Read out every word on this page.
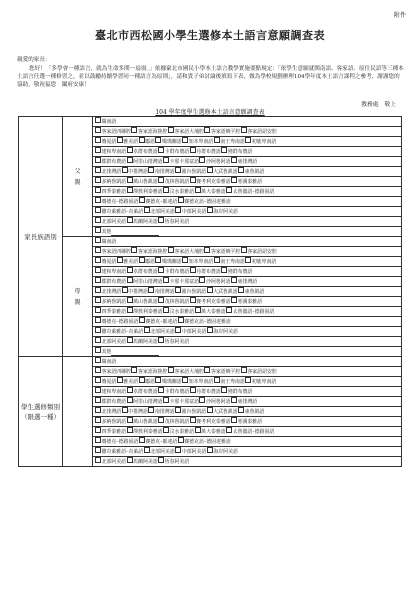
附件
臺北市西松國小學生選修本土語言意願調查表
親愛的家長：
您好！「多學會一種語言，就為生命多開一扇窗。」依據臺北市國民小學本土語言教學實施要點規定：「依學生意願就閩南語、客家語、原住民語等三種本土語言任選一種修習之，並以鼓勵持續學習同一種語言為原則」，請和貴子弟討論後填寫下表，做為學校規劃辦理104學年度本土語言課程之參考，謝謝您的協助，敬祝福您　闔府安康！
教務處　敬上
104 學年度學生選修本土語言意願調查表
家長族語別	父
親	閩南語
		客家語四縣腔 客家語海陸腔 客家語大埔腔 客家語饒平腔 客家語詔安腔
		賽夏語 雅美語 鄒語 噶瑪蘭語 知本卑南語 南王卑南語 初鹿卑南語
		建和卑南語 卓群布農語 卡群布農語 丹群布農語 巒群布農語
		郡群布農語 阿里山排灣語 卡那卡那富語 沙阿魯阿語 東排灣語
		北排灣語 中排灣語 南排灣語 霧台魯凱語 大武魯凱語 東魯凱語
		多納魯凱語 萬山魯凱語 茂林魯凱語 賽考利克泰雅語 寒溪泰雅語
		四季泰雅語 澤敖利泰雅語 汶水泰雅語 萬大泰雅語 太魯閣語–德路固語
		賽德克–德路固語 賽德克–都達語 賽德克語–德固達雅語
		撒奇萊雅語–奇萊語 北部阿美語 中部阿美語 海岸阿美語
		北部阿美語 馬蘭阿美語 恆春阿美語
		其他

	母
親	閩南語
		客家語四縣腔 客家語海陸腔 客家語大埔腔 客家語饒平腔 客家語詔安腔
		賽夏語 雅美語 鄒語 噶瑪蘭語 知本卑南語 南王卑南語 初鹿卑南語
		建和卑南語 卓群布農語 卡群布農語 丹群布農語 巒群布農語
		郡群布農語 阿里山排灣語 卡那卡那富語 沙阿魯阿語 東排灣語
		北排灣語 中排灣語 南排灣語 霧台魯凱語 大武魯凱語 東魯凱語
		多納魯凱語 萬山魯凱語 茂林魯凱語 賽考利克泰雅語 寒溪泰雅語
		四季泰雅語 澤敖利泰雅語 汶水泰雅語 萬大泰雅語 太魯閣語–德路固語
		賽德克–德路固語 賽德克–都達語 賽德克語–德固達雅語
		撒奇萊雅語–奇萊語 北部阿美語 中部阿美語 海岸阿美語
		北部阿美語 馬蘭阿美語 恆春阿美語
		其他
學生選修類別（限選一種）		閩南語
		客家語四縣腔 客家語海陸腔 客家語大埔腔 客家語饒平腔 客家語詔安腔
		賽夏語 雅美語 鄒語 噶瑪蘭語 知本卑南語 南王卑南語 初鹿卑南語
		建和卑南語 卓群布農語 卡群布農語 丹群布農語 巒群布農語
		郡群布農語 阿里山排灣語 卡那卡那富語 沙阿魯阿語 東排灣語
		北排灣語 中排灣語 南排灣語 霧台魯凱語 大武魯凱語 東魯凱語
		多納魯凱語 萬山魯凱語 茂林魯凱語 賽考利克泰雅語 寒溪泰雅語
		四季泰雅語 澤敖利泰雅語 汶水泰雅語 萬大泰雅語 太魯閣語–德路固語
		賽德克–德路固語 賽德克–都達語 賽德克語–德固達雅語
		撒奇萊雅語–奇萊語 北部阿美語 中部阿美語 海岸阿美語
		北部阿美語 馬蘭阿美語 恆春阿美語
